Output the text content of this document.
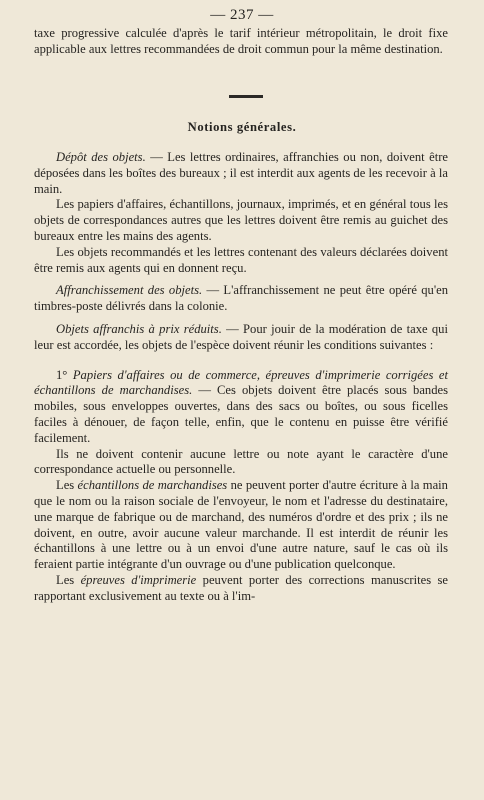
— 237 —

taxe progressive calculée d'après le tarif intérieur métropolitain, le droit fixe applicable aux lettres recommandées de droit commun pour la même destination.

Notions générales.

Dépôt des objets. — Les lettres ordinaires, affranchies ou non, doivent être déposées dans les boîtes des bureaux ; il est interdit aux agents de les recevoir à la main.

Les papiers d'affaires, échantillons, journaux, imprimés, et en général tous les objets de correspondances autres que les lettres doivent être remis au guichet des bureaux entre les mains des agents.

Les objets recommandés et les lettres contenant des valeurs déclarées doivent être remis aux agents qui en donnent reçu.

Affranchissement des objets. — L'affranchissement ne peut être opéré qu'en timbres-poste délivrés dans la colonie.

Objets affranchis à prix réduits. — Pour jouir de la modération de taxe qui leur est accordée, les objets de l'espèce doivent réunir les conditions suivantes :

1° Papiers d'affaires ou de commerce, épreuves d'imprimerie corrigées et échantillons de marchandises. — Ces objets doivent être placés sous bandes mobiles, sous enveloppes ouvertes, dans des sacs ou boîtes, ou sous ficelles faciles à dénouer, de façon telle, enfin, que le contenu en puisse être vérifié facilement.

Ils ne doivent contenir aucune lettre ou note ayant le caractère d'une correspondance actuelle ou personnelle.

Les échantillons de marchandises ne peuvent porter d'autre écriture à la main que le nom ou la raison sociale de l'envoyeur, le nom et l'adresse du destinataire, une marque de fabrique ou de marchand, des numéros d'ordre et des prix ; ils ne doivent, en outre, avoir aucune valeur marchande. Il est interdit de réunir les échantillons à une lettre ou à un envoi d'une autre nature, sauf le cas où ils feraient partie intégrante d'un ouvrage ou d'une publication quelconque.

Les épreuves d'imprimerie peuvent porter des corrections manuscrites se rapportant exclusivement au texte ou à l'im-
